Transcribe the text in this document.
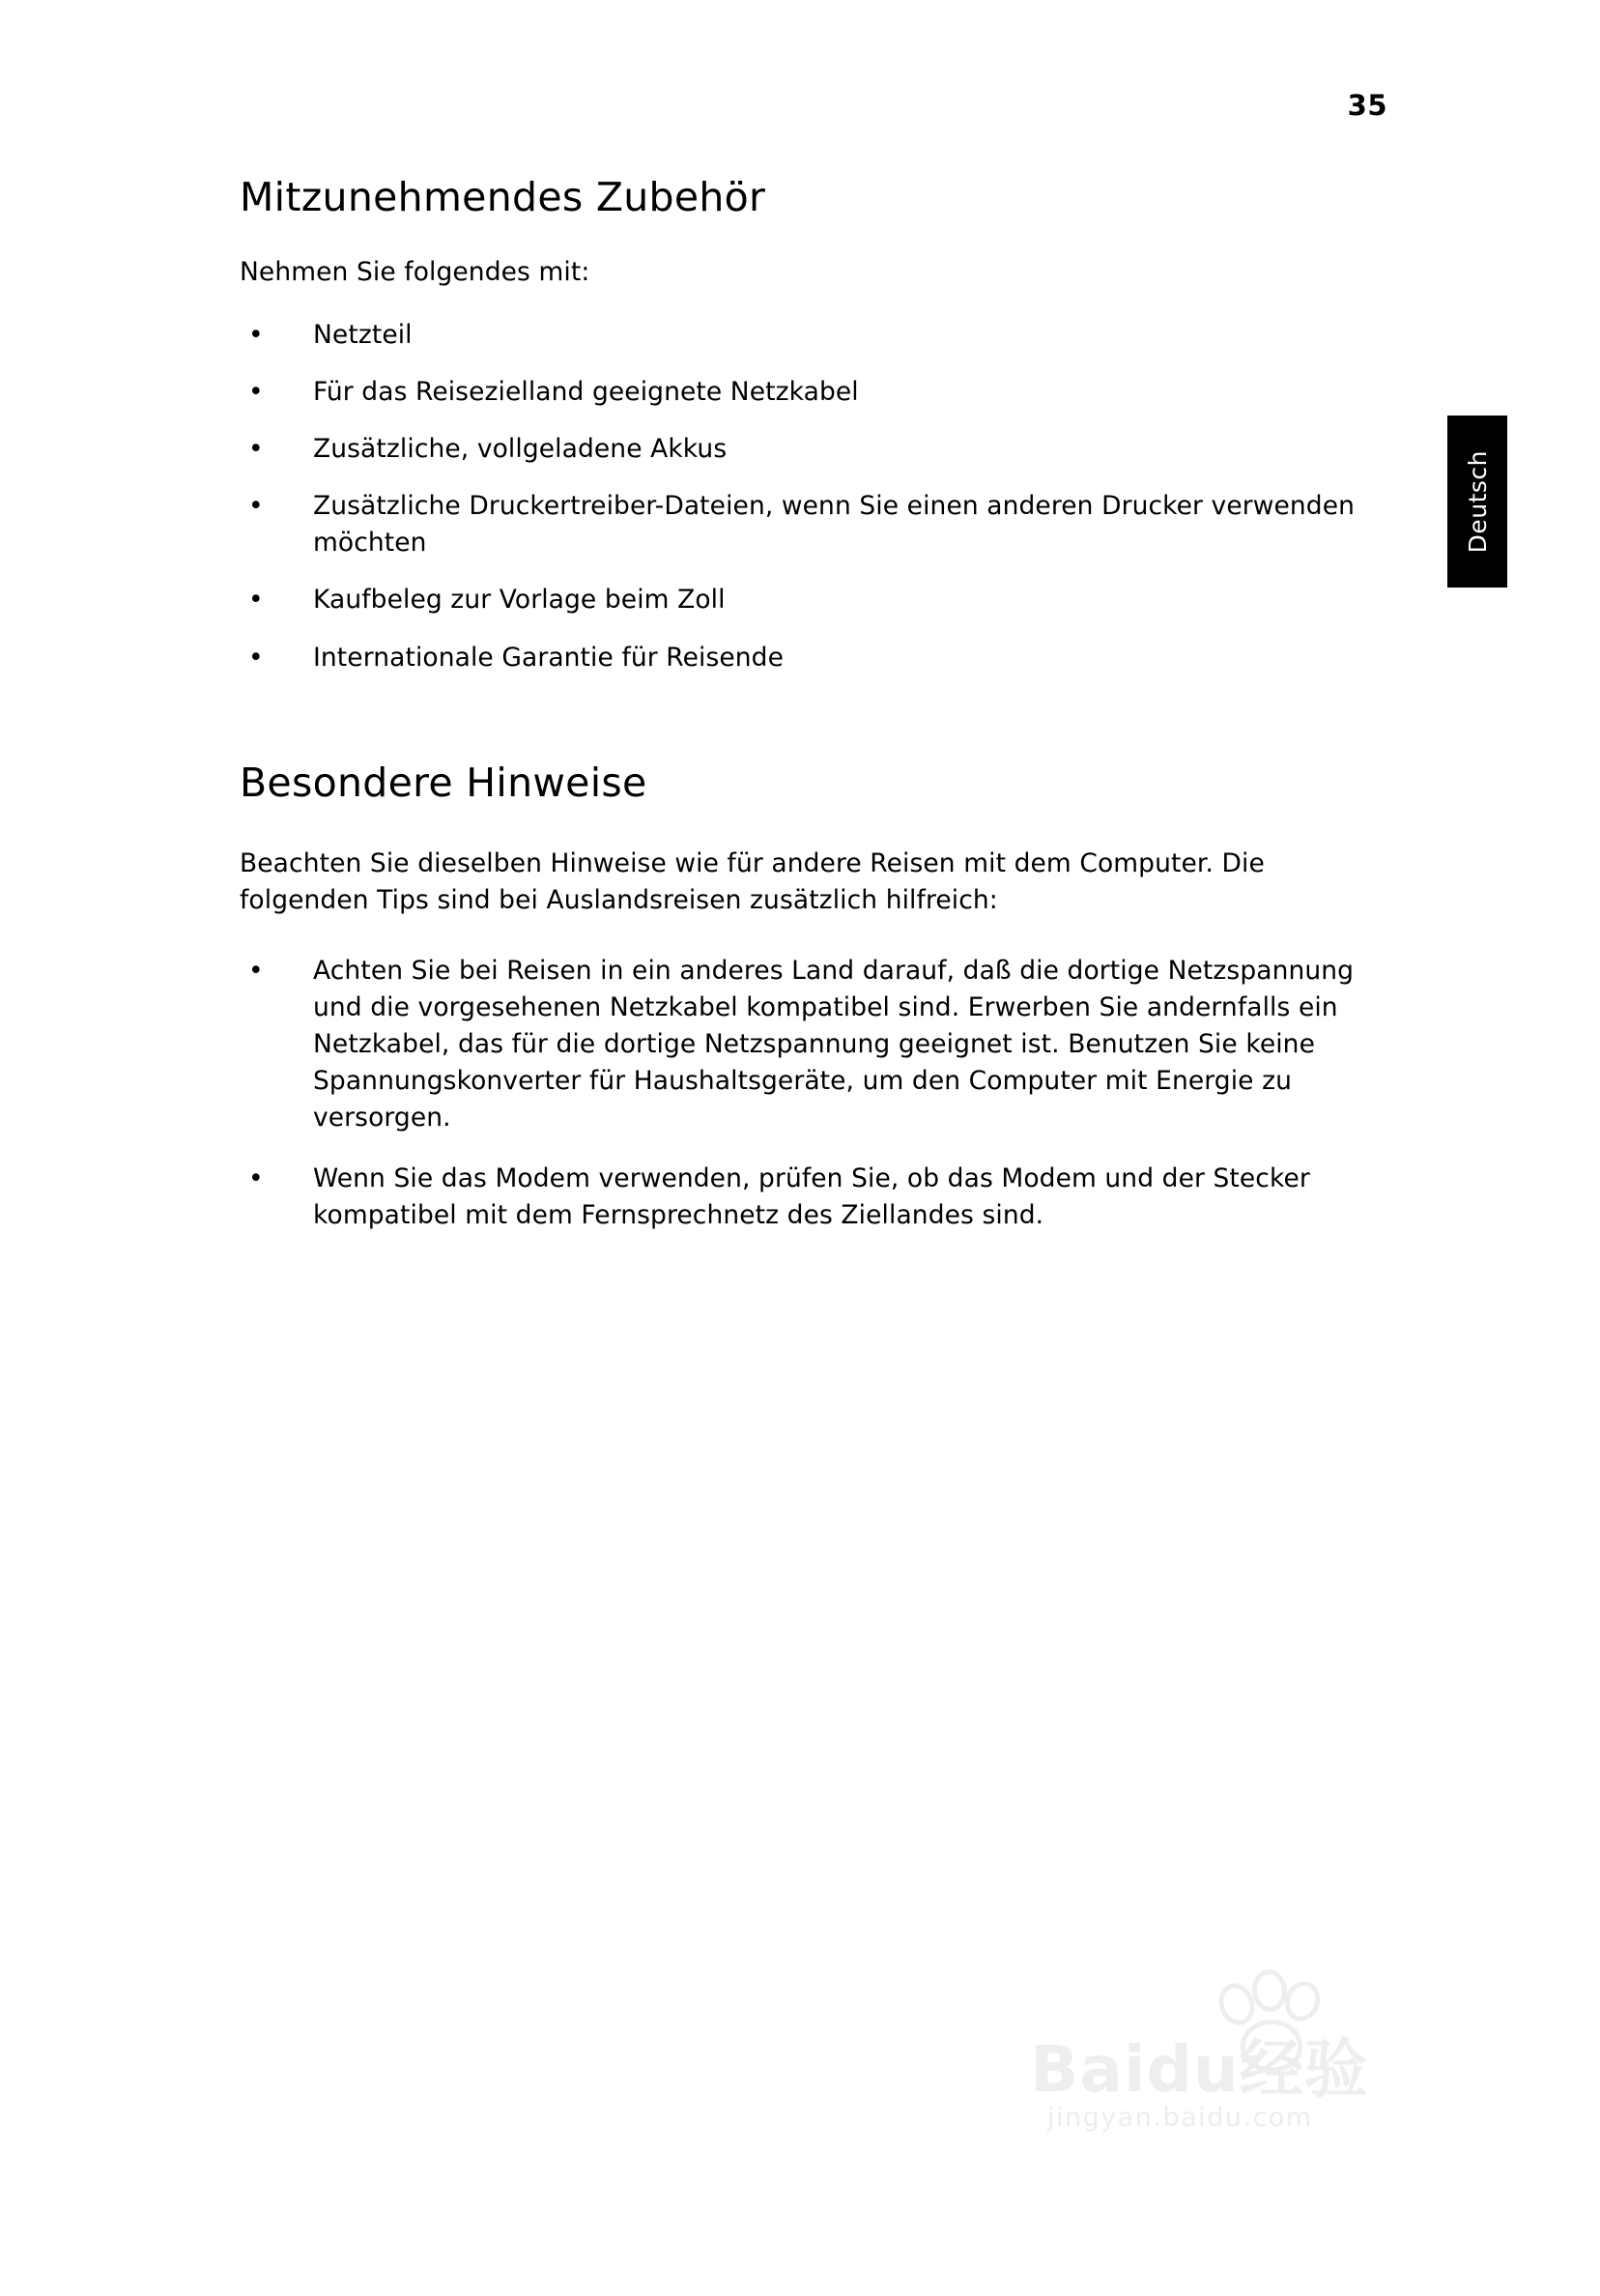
35
Deutsch
Mitzunehmendes Zubehör

Nehmen Sie folgendes mit:

• Netzteil
• Für das Reisezielland geeignete Netzkabel
• Zusätzliche, vollgeladene Akkus
• Zusätzliche Druckertreiber-Dateien, wenn Sie einen anderen Drucker verwenden möchten
• Kaufbeleg zur Vorlage beim Zoll
• Internationale Garantie für Reisende
Besondere Hinweise

Beachten Sie dieselben Hinweise wie für andere Reisen mit dem Computer. Die folgenden Tips sind bei Auslandsreisen zusätzlich hilfreich:

• Achten Sie bei Reisen in ein anderes Land darauf, daß die dortige Netzspannung und die vorgesehenen Netzkabel kompatibel sind. Erwerben Sie andernfalls ein Netzkabel, das für die dortige Netzspannung geeignet ist. Benutzen Sie keine Spannungskonverter für Haushaltsgeräte, um den Computer mit Energie zu versorgen.
• Wenn Sie das Modem verwenden, prüfen Sie, ob das Modem und der Stecker kompatibel mit dem Fernsprechnetz des Ziellandes sind.
Baidu经验
jingyan.baidu.com
